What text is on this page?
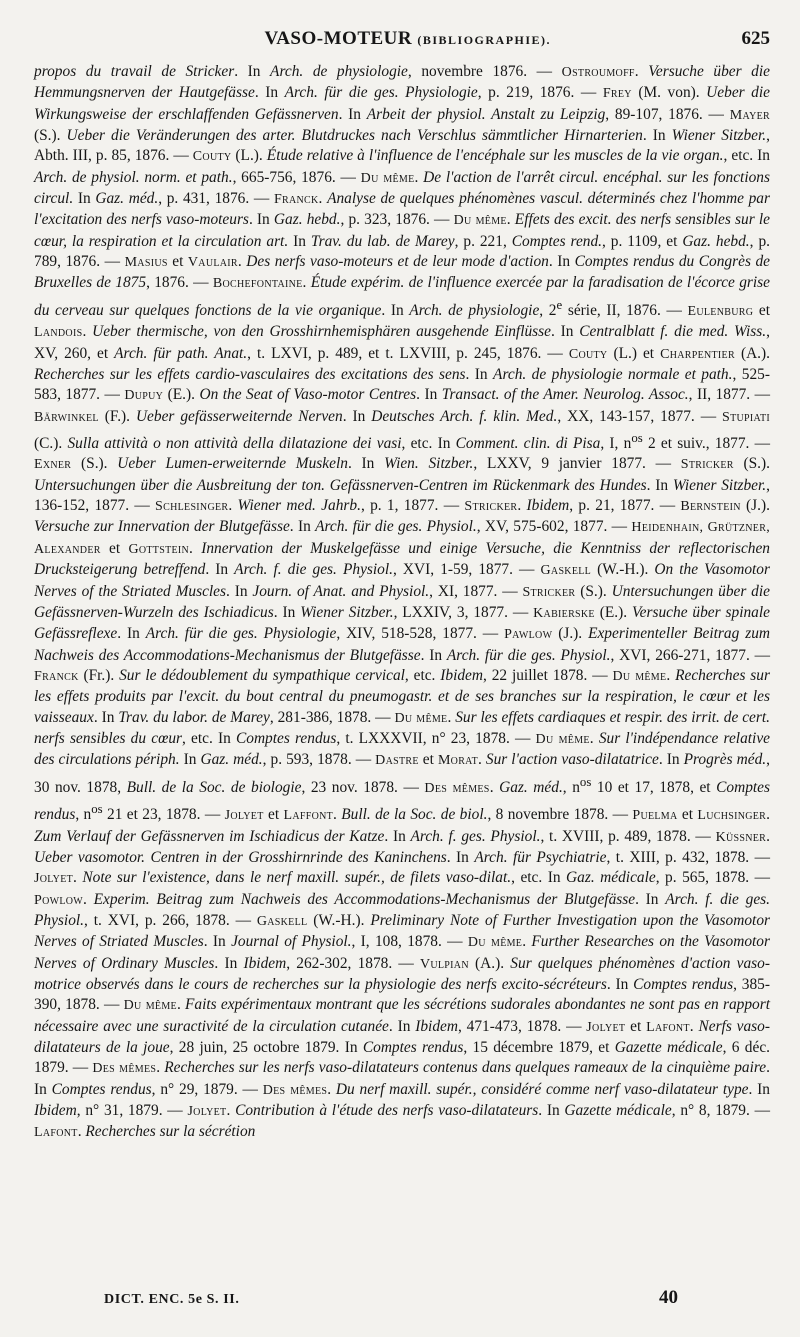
VASO-MOTEUR (BIBLIOGRAPHIE).	625

propos du travail de Stricker. In Arch. de physiologie, novembre 1876. — Ostroumoff. Versuche über die Hemmungsnerven der Hautgefässe. In Arch. für die ges. Physiologie, p. 219, 1876. — Frey (M. von). Ueber die Wirkungsweise der erschlaffenden Gefässnerven. In Arbeit der physiol. Anstalt zu Leipzig, 89-107, 1876. — Mayer (S.). Ueber die Veränderungen des arter. Blutdruckes nach Verschlus sämmtlicher Hirnarterien. In Wiener Sitzber., Abth. III, p. 85, 1876. — Couty (L.). Étude relative à l'influence de l'encéphale sur les muscles de la vie organ., etc. In Arch. de physiol. norm. et path., 665-756, 1876. — Du même. De l'action de l'arrêt circul. encéphal. sur les fonctions circul. In Gaz. méd., p. 431, 1876. — Franck. Analyse de quelques phénomènes vascul. déterminés chez l'homme par l'excitation des nerfs vaso-moteurs. In Gaz. hebd., p. 323, 1876. — Du même. Effets des excit. des nerfs sensibles sur le cœur, la respiration et la circulation art. In Trav. du lab. de Marey, p. 221, Comptes rend., p. 1109, et Gaz. hebd., p. 789, 1876. — Masius et Vaulair. Des nerfs vaso-moteurs et de leur mode d'action. In Comptes rendus du Congrès de Bruxelles de 1875, 1876. — Bochefontaine. Étude expérim. de l'influence exercée par la faradisation de l'écorce grise du cerveau sur quelques fonctions de la vie organique. In Arch. de physiologie, 2e série, II, 1876. — Eulenburg et Landois. Ueber thermische, von den Grosshirnhemisphären ausgehende Einflüsse. In Centralblatt f. die med. Wiss., XV, 260, et Arch. für path. Anat., t. LXVI, p. 489, et t. LXVIII, p. 245, 1876. — Couty (L.) et Charpentier (A.). Recherches sur les effets cardio-vasculaires des excitations des sens. In Arch. de physiologie normale et path., 525-583, 1877. — Dupuy (E.). On the Seat of Vaso-motor Centres. In Transact. of the Amer. Neurolog. Assoc., II, 1877. — Bärwinkel (F.). Ueber gefässerweiternde Nerven. In Deutsches Arch. f. klin. Med., XX, 143-157, 1877. — Stupiati (C.). Sulla attività o non attività della dilatazione dei vasi, etc. In Comment. clin. di Pisa, I, $n^{os}$ 2 et suiv., 1877. — Exner (S.). Ueber Lumen-erweiternde Muskeln. In Wien. Sitzber., LXXV, 9 janvier 1877. — Stricker (S.). Untersuchungen über die Ausbreitung der ton. Gefässnerven-Centren im Rückenmark des Hundes. In Wiener Sitzber., 136-152, 1877. — Schlesinger. Wiener med. Jahrb., p. 1, 1877. — Stricker. Ibidem, p. 21, 1877. — Bernstein (J.). Versuche zur Innervation der Blutgefässe. In Arch. für die ges. Physiol., XV, 575-602, 1877. — Heidenhain, Grützner, Alexander et Gottstein. Innervation der Muskelgefässe und einige Versuche, die Kenntniss der reflectorischen Drucksteigerung betreffend. In Arch. f. die ges. Physiol., XVI, 1-59, 1877. — Gaskell (W.-H.). On the Vasomotor Nerves of the Striated Muscles. In Journ. of Anat. and Physiol., XI, 1877. — Stricker (S.). Untersuchungen über die Gefässnerven-Wurzeln des Ischiadicus. In Wiener Sitzber., LXXIV, 3, 1877. — Kabierske (E.). Versuche über spinale Gefässreflexe. In Arch. für die ges. Physiologie, XIV, 518-528, 1877. — Pawlow (J.). Experimenteller Beitrag zum Nachweis des Accommodations-Mechanismus der Blutgefässe. In Arch. für die ges. Physiol., XVI, 266-271, 1877. — Franck (Fr.). Sur le dédoublement du sympathique cervical, etc. Ibidem, 22 juillet 1878. — Du même. Recherches sur les effets produits par l'excit. du bout central du pneumogastr. et de ses branches sur la respiration, le cœur et les vaisseaux. In Trav. du labor. de Marey, 281-386, 1878. — Du même. Sur les effets cardiaques et respir. des irrit. de cert. nerfs sensibles du cœur, etc. In Comptes rendus, t. LXXXVII, n° 23, 1878. — Du même. Sur l'indépendance relative des circulations périph. In Gaz. méd., p. 593, 1878. — Dastre et Morat. Sur l'action vaso-dilatatrice. In Progrès méd., 30 nov. 1878, Bull. de la Soc. de biologie, 23 nov. 1878. — Des mêmes. Gaz. méd., $n^{os}$ 10 et 17, 1878, et Comptes rendus, $n^{os}$ 21 et 23, 1878. — Jolyet et Laffont. Bull. de la Soc. de biol., 8 novembre 1878. — Puelma et Luchsinger. Zum Verlauf der Gefässnerven im Ischiadicus der Katze. In Arch. f. ges. Physiol., t. XVIII, p. 489, 1878. — Küssner. Ueber vasomotor. Centren in der Grosshirnrinde des Kaninchens. In Arch. für Psychiatrie, t. XIII, p. 432, 1878. — Jolyet. Note sur l'existence, dans le nerf maxill. supér., de filets vaso-dilat., etc. In Gaz. médicale, p. 565, 1878. — Powlow. Experim. Beitrag zum Nachweis des Accommodations-Mechanismus der Blutgefässe. In Arch. f. die ges. Physiol., t. XVI, p. 266, 1878. — Gaskell (W.-H.). Preliminary Note of Further Investigation upon the Vasomotor Nerves of Striated Muscles. In Journal of Physiol., I, 108, 1878. — Du même. Further Researches on the Vasomotor Nerves of Ordinary Muscles. In Ibidem, 262-302, 1878. — Vulpian (A.). Sur quelques phénomènes d'action vaso-motrice observés dans le cours de recherches sur la physiologie des nerfs excito-sécréteurs. In Comptes rendus, 385-390, 1878. — Du même. Faits expérimentaux montrant que les sécrétions sudorales abondantes ne sont pas en rapport nécessaire avec une suractivité de la circulation cutanée. In Ibidem, 471-473, 1878. — Jolyet et Lafont. Nerfs vaso-dilatateurs de la joue, 28 juin, 25 octobre 1879. In Comptes rendus, 15 décembre 1879, et Gazette médicale, 6 déc. 1879. — Des mêmes. Recherches sur les nerfs vaso-dilatateurs contenus dans quelques rameaux de la cinquième paire. In Comptes rendus, n° 29, 1879. — Des mêmes. Du nerf maxill. supér., considéré comme nerf vaso-dilatateur type. In Ibidem, n° 31, 1879. — Jolyet. Contribution à l'étude des nerfs vaso-dilatateurs. In Gazette médicale, n° 8, 1879. — Lafont. Recherches sur la sécrétion

DICT. ENC. 5e S. II.	40
